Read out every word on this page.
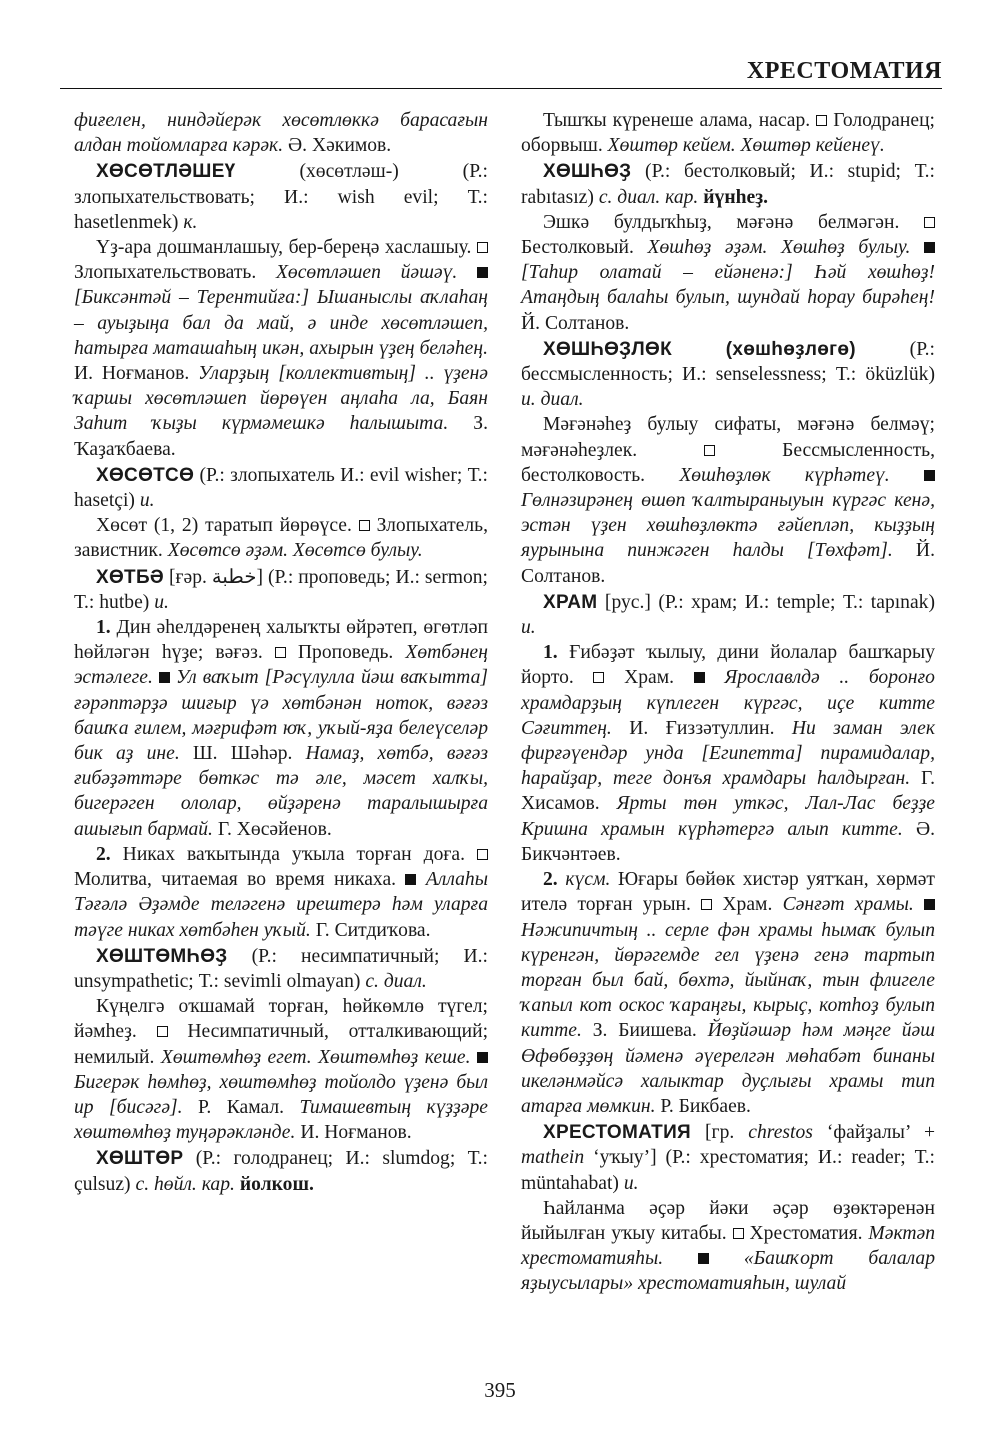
ХРЕСТОМАТИЯ

фиғелен, ниндәйерәк хөсөтлөккә барасағын алдан тойомларға кәрәк. Ә. Хәкимов.

ХӨСӨТЛӘШЕҮ	(хөсөтләш-) (Р.: злопыхательствовать; И.: wish evil; Т.: hasetlenmek) к.

Үҙ-ара дошманлашыу, бер-береңә хаслашыу.  Злопыхательствовать. Хөсөтләшеп йәшәү.  [Биксәнтәй – Терентийға:] Ышаныслы аҡлаһаң – ауыҙыңа бал да май, ә инде хөсөтләшеп, һатырға маташаһың икән, ахырын үҙең беләһең. И. Ноғманов. Уларҙың [коллективтың] .. үҙенә ҡаршы хөсөтләшеп йөрөүен аңлаһа ла, Баян Заһит ҡыҙы күрмәмешкә һалышыта. З. Ҡаҙаҡбаева.

ХӨСӨТСӨ (Р.: злопыхатель И.: evil wisher; Т.: hasetçi) и.

Хөсөт (1, 2) таратып йөрөүсе. Злопыхатель, завистник. Хөсөтсө әҙәм. Хөсөтсө булыу.

ХӨТБӘ [ғәр. خطبة] (Р.: проповедь; И.: sermon; Т.: hutbe) и.

1. Дин әһелдәренең халыҡты өйрәтеп, өгөтләп һөйләгән һүҙе; вәғәз. Проповедь. Хөтбәнең эстәлеге. Ул ваҡыт [Рәсүлулла йәш ваҡытта] ғәрәптәрҙә шиғыр үә хөтбәнән ноток, вәғәз башҡа ғилем, мәғрифәт юҡ, уҡый-яҙа белеүселәр бик аҙ ине. Ш. Шәһәр. Намаҙ, хөтбә, вәғәз ғибәҙәттәре бөткәс тә әле, мәсет халҡы, бигерәген ололар, өйҙәренә таралышырға ашығып бармай. Г. Хөсәйенов.

2. Никах ваҡытында уҡыла торған доға.  Молитва, читаемая во время никаха. Аллаһы Тәғәлә Әҙәмде теләгенә ирештерә һәм уларға тәүге никах хөтбәһен уҡый. Г. Ситдиҡова.

ХӨШТӨМҺӨҘ (Р.: несимпатичный; И.: unsympathetic; Т.: sevimli olmayan) с. диал.

Күңелгә оҡшамай торған, һөйкөмлө түгел; йәмһеҙ.	Несимпатичный, отталкивающий; немилый. Хөштөмһөҙ егет. Хөштөмһөҙ кеше.  Бигерәк һөмһөҙ, хөштөмһөҙ тойолдо үҙенә был ир [бисәгә]. Р. Камал. Тимашевтың күҙҙәре хөштөмһөҙ туңәрәкләнде. И. Ноғманов.

ХӨШТӨР (Р.: голодранец; И.: slumdog; Т.: çulsuz) с. һөйл. кар. йолкош.

Тышҡы күренеше алама, насар. Голодранец; оборвыш. Хөштөр кейем. Хөштөр кейенеү.

ХӨШҺӨҘ (Р.: бестолковый; И.: stupid; Т.: rabıtasız) с. диал. кар. йүнһеҙ.

Эшкә булдыҡһыҙ, мәғәнә белмәгән.  Бестолковый. Хөшһөҙ әҙәм. Хөшһөҙ булыу.  [Таһир олатай – ейәненә:] Һәй хөшһөҙ! Атаңдың балаһы булып, шундай һорау бирәһең! Й. Солтанов.

ХӨШҺӨҘЛӨК	(хөшһөҙлөгө)	(Р.: бессмысленность; И.: senselessness; Т.: öküzlük) и. диал.

Мәғәнәһеҙ булыу сифаты, мәғәнә белмәү; мәғәнәһеҙлек.	Бессмысленность, бестолковость. Хөшһөҙлөк күрһәтеү.  Гөлнәзирәнең өшөп ҡалтыраныуын күргәс кенә, эстән үҙен хөшһөҙлөктә ғәйепләп, кыҙҙың яурынына пинжәген һалды [Төхфәт]. Й. Солтанов.

ХРАМ [рус.] (Р.: храм; И.: temple; Т.: tapınak) и.

1. Ғибәҙәт ҡылыу, дини йолалар башҡарыу йорто.	Храм.	Ярославлдә .. боронғо храмдарҙың күплеген күргәс, иҫе китте Сәғиттең. И. Ғиззәтуллин. Ни заман элек фирғәүендәр унда [Египетта] пирамидалар, һарайҙар, теге донъя храмдары һалдырған. Г. Хисамов. Ярты төн уткәс, Лал-Лас беҙҙе Кришна храмын күрһәтергә алып китте. Ә. Бикчәнтәев.

2. күсм. Юғары бөйөк хистәр уятҡан, хөрмәт ителә торған урын. Храм. Сәнғәт храмы.  Нәжипичтың .. серле фән храмы һымаҡ булып күренгән, йөрәгемде гел үҙенә генә тартып торған был бай, бөхтә, йыйнаҡ, тын флигеле ҡапыл кот оскос ҡараңғы, кырыҫ, котһоҙ булып китте. З. Биишева. Йөҙйәшәр һәм мәңге йәш Өфөбөҙҙөң йәменә әүерелгән мөһабәт бинаны икеләнмәйсә халыктар дуҫлығы храмы тип атарға мөмкин. Р. Бикбаев.

ХРЕСТОМАТИЯ [гр. chrestos ‘файҙалы’ + mathein ‘уҡыу’] (Р.: хрестоматия; И.: reader; Т.: müntahabat) и.

Һайланма әҫәр йәки әҫәр өҙөктәренән йыйылған уҡыу китабы. Хрестоматия. Мәктәп хрестоматияһы.	«Башҡорт балалар яҙыусылары» хрестоматияһын, шулай

395
